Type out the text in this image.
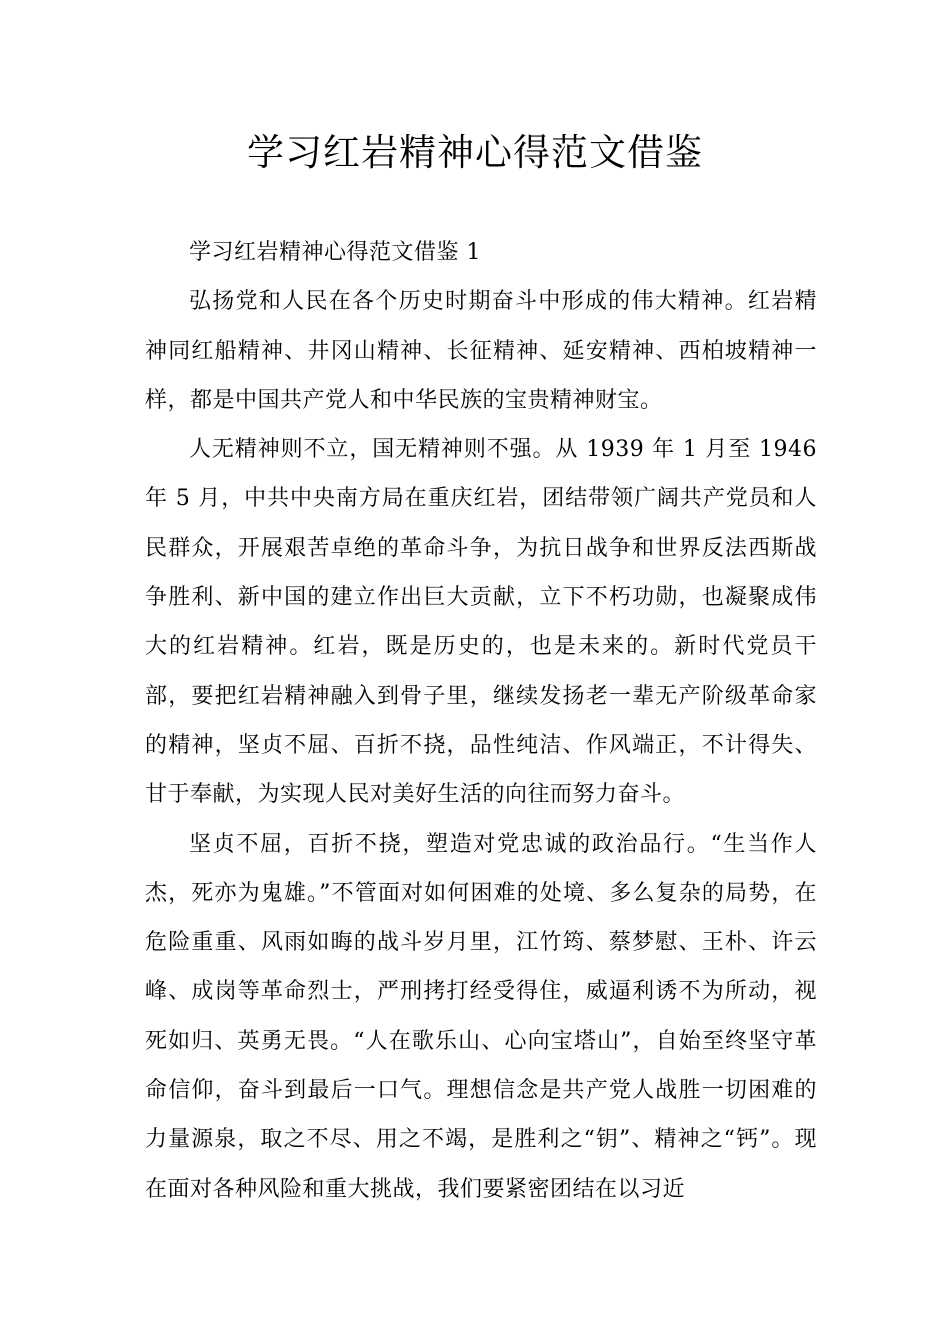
学习红岩精神心得范文借鉴

学习红岩精神心得范文借鉴 1

弘扬党和人民在各个历史时期奋斗中形成的伟大精神。红岩精神同红船精神、井冈山精神、长征精神、延安精神、西柏坡精神一样，都是中国共产党人和中华民族的宝贵精神财宝。

人无精神则不立，国无精神则不强。从 1939 年 1 月至 1946 年 5 月，中共中央南方局在重庆红岩，团结带领广阔共产党员和人民群众，开展艰苦卓绝的革命斗争，为抗日战争和世界反法西斯战争胜利、新中国的建立作出巨大贡献，立下不朽功勋，也凝聚成伟大的红岩精神。红岩，既是历史的，也是未来的。新时代党员干部，要把红岩精神融入到骨子里，继续发扬老一辈无产阶级革命家的精神，坚贞不屈、百折不挠，品性纯洁、作风端正，不计得失、甘于奉献，为实现人民对美好生活的向往而努力奋斗。

坚贞不屈，百折不挠，塑造对党忠诚的政治品行。“生当作人杰，死亦为鬼雄。”不管面对如何困难的处境、多么复杂的局势，在危险重重、风雨如晦的战斗岁月里，江竹筠、蔡梦慰、王朴、许云峰、成岗等革命烈士，严刑拷打经受得住，威逼利诱不为所动，视死如归、英勇无畏。“人在歌乐山、心向宝塔山”，自始至终坚守革命信仰，奋斗到最后一口气。理想信念是共产党人战胜一切困难的力量源泉，取之不尽、用之不竭，是胜利之“钥”、精神之“钙”。现在面对各种风险和重大挑战，我们要紧密团结在以习近
